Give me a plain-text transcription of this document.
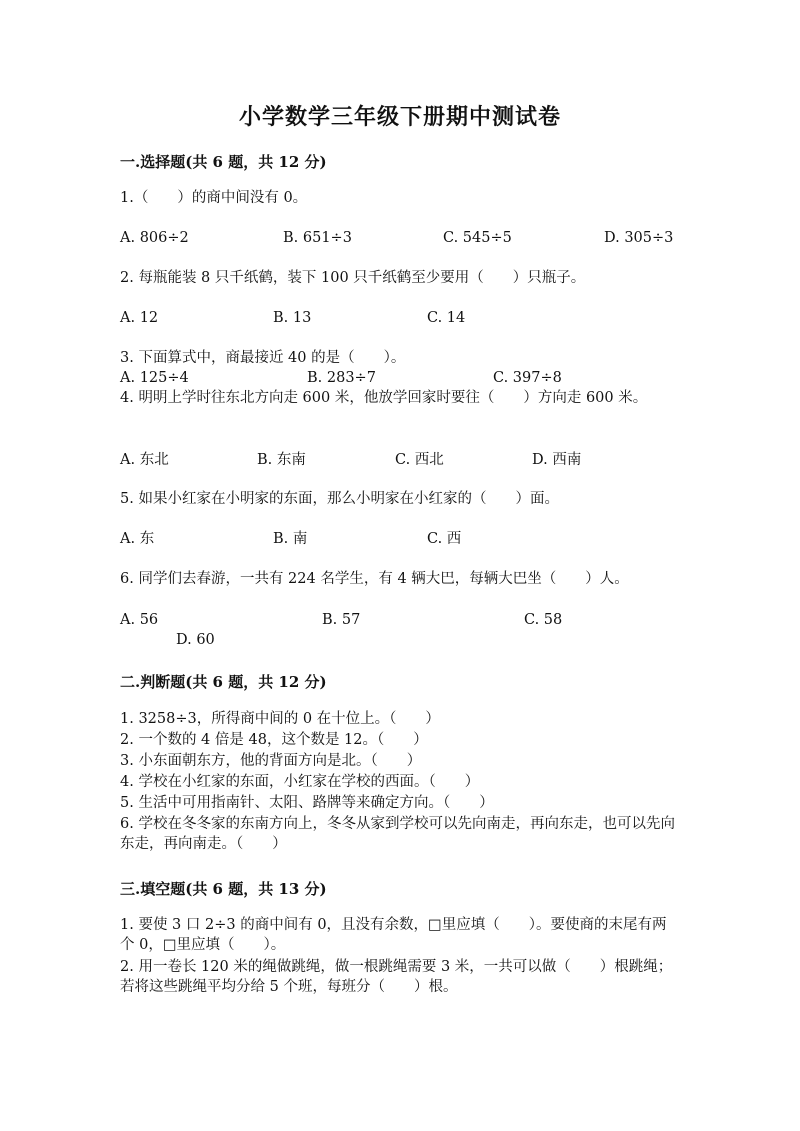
小学数学三年级下册期中测试卷
一.选择题(共 6 题，共 12 分)
1.（　　）的商中间没有 0。
A. 806÷2	B. 651÷3	C. 545÷5	D. 305÷3
2. 每瓶能装 8 只千纸鹤，装下 100 只千纸鹤至少要用（　　）只瓶子。
A. 12	B. 13	C. 14
3. 下面算式中，商最接近 40 的是（　　）。
A. 125÷4	B. 283÷7	C. 397÷8
4. 明明上学时往东北方向走 600 米，他放学回家时要往（　　）方向走 600 米。
A. 东北	B. 东南	C. 西北	D. 西南
5. 如果小红家在小明家的东面，那么小明家在小红家的（　　）面。
A. 东	B. 南	C. 西
6. 同学们去春游，一共有 224 名学生，有 4 辆大巴，每辆大巴坐（　　）人。
A. 56	B. 57	C. 58
D. 60
二.判断题(共 6 题，共 12 分)
1. 3258÷3，所得商中间的 0 在十位上。（　　）
2. 一个数的 4 倍是 48，这个数是 12。（　　）
3. 小东面朝东方，他的背面方向是北。（　　）
4. 学校在小红家的东面，小红家在学校的西面。（　　）
5. 生活中可用指南针、太阳、路牌等来确定方向。（　　）
6. 学校在冬冬家的东南方向上，冬冬从家到学校可以先向南走，再向东走，也可以先向东走，再向南走。（　　）
三.填空题(共 6 题，共 13 分)
1. 要使 3 口 2÷3 的商中间有 0，且没有余数，□里应填（　　）。要使商的末尾有两个 0，□里应填（　　）。
2. 用一卷长 120 米的绳做跳绳，做一根跳绳需要 3 米，一共可以做（　　）根跳绳；若将这些跳绳平均分给 5 个班，每班分（　　）根。
